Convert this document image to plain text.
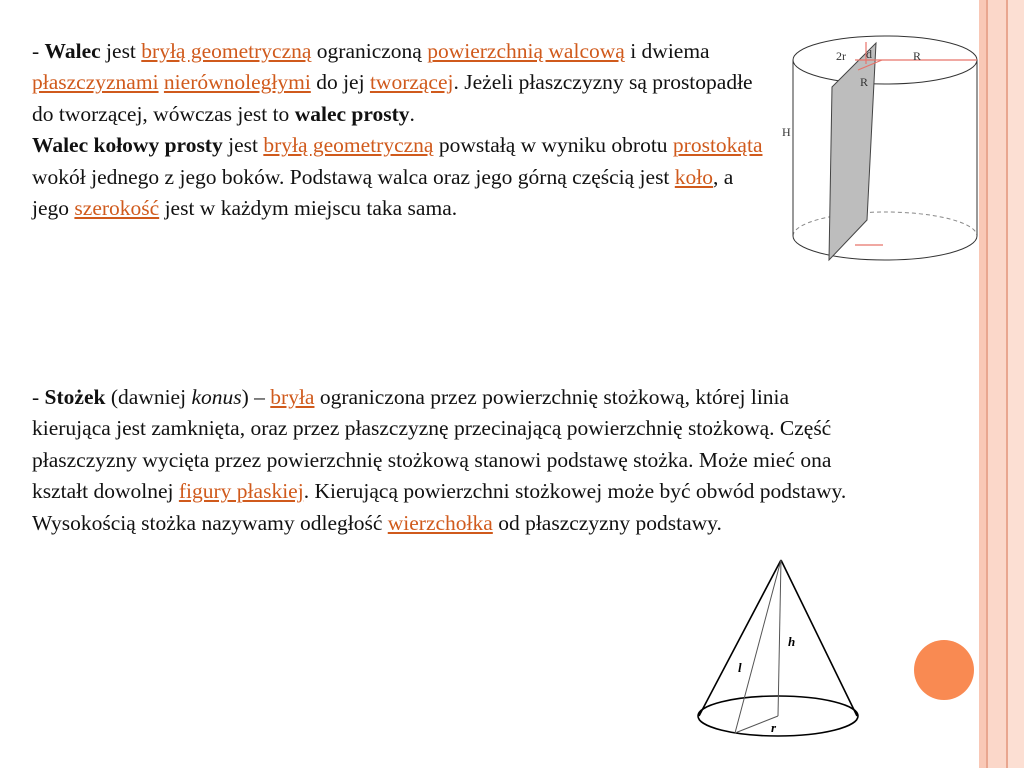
- Walec jest bryłą geometryczną ograniczoną powierzchnią walcową i dwiema płaszczyznami nierównoległymi do jej tworzącej. Jeżeli płaszczyzny są prostopadłe do tworzącej, wówczas jest to walec prosty.
Walec kołowy prosty jest bryłą geometryczną powstałą w wyniku obrotu prostokąta wokół jednego z jego boków. Podstawą walca oraz jego górną częścią jest koło, a jego szerokość jest w każdym miejscu taka sama.

- Stożek (dawniej konus) – bryła ograniczona przez powierzchnię stożkową, której linia kierująca jest zamknięta, oraz przez płaszczyznę przecinającą powierzchnię stożkową. Część płaszczyzny wycięta przez powierzchnię stożkową stanowi podstawę stożka. Może mieć ona kształt dowolnej figury płaskiej. Kierującą powierzchni stożkowej może być obwód podstawy. Wysokością stożka nazywamy odległość wierzchołka od płaszczyzny podstawy.

2r d	R
R
H
h
l
r
